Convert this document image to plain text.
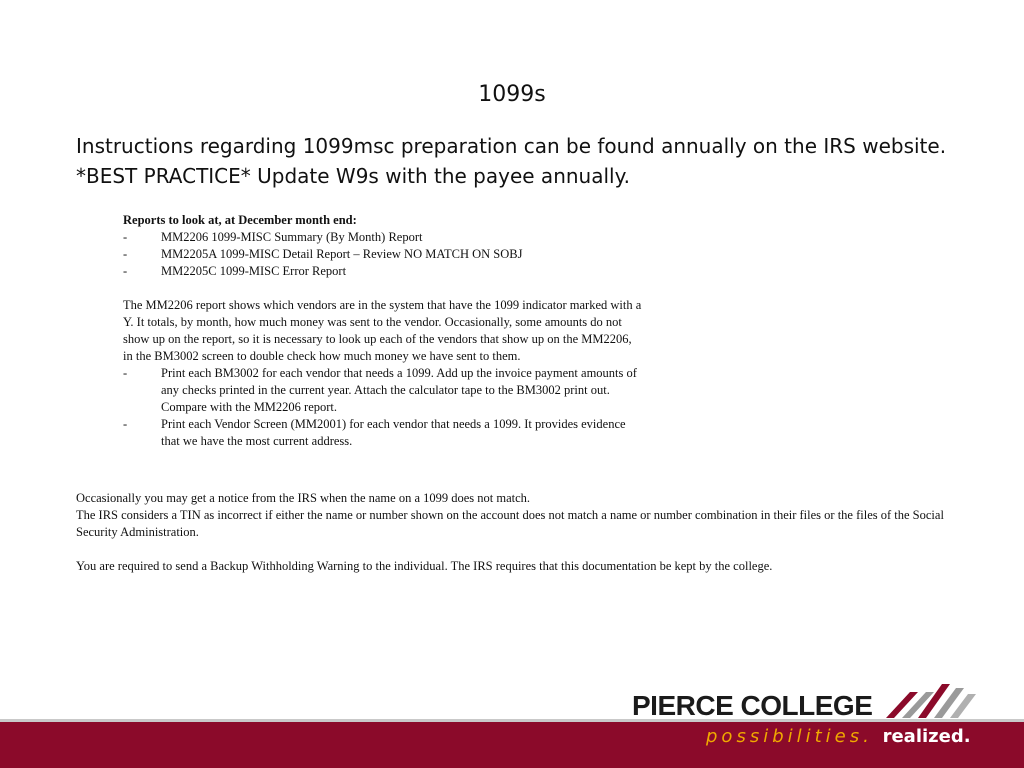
1099s
Instructions regarding 1099msc preparation can be found annually on the IRS website.
*BEST PRACTICE* Update W9s with the payee annually.
Reports to look at, at December month end:
-	MM2206 1099-MISC Summary (By Month) Report
-	MM2205A 1099-MISC Detail Report – Review NO MATCH ON SOBJ
-	MM2205C 1099-MISC Error Report
The MM2206 report shows which vendors are in the system that have the 1099 indicator marked with a Y. It totals, by month, how much money was sent to the vendor. Occasionally, some amounts do not show up on the report, so it is necessary to look up each of the vendors that show up on the MM2206, in the BM3002 screen to double check how much money we have sent to them.
-	Print each BM3002 for each vendor that needs a 1099. Add up the invoice payment amounts of any checks printed in the current year. Attach the calculator tape to the BM3002 print out. Compare with the MM2206 report.
-	Print each Vendor Screen (MM2001) for each vendor that needs a 1099. It provides evidence that we have the most current address.
Occasionally you may get a notice from the IRS when the name on a 1099 does not match.
The IRS considers a TIN as incorrect if either the name or number shown on the account does not match a name or number combination in their files or the files of the Social Security Administration.
You are required to send a Backup Withholding Warning to the individual. The IRS requires that this documentation be kept by the college.
PIERCE COLLEGE
possibilities. realized.
